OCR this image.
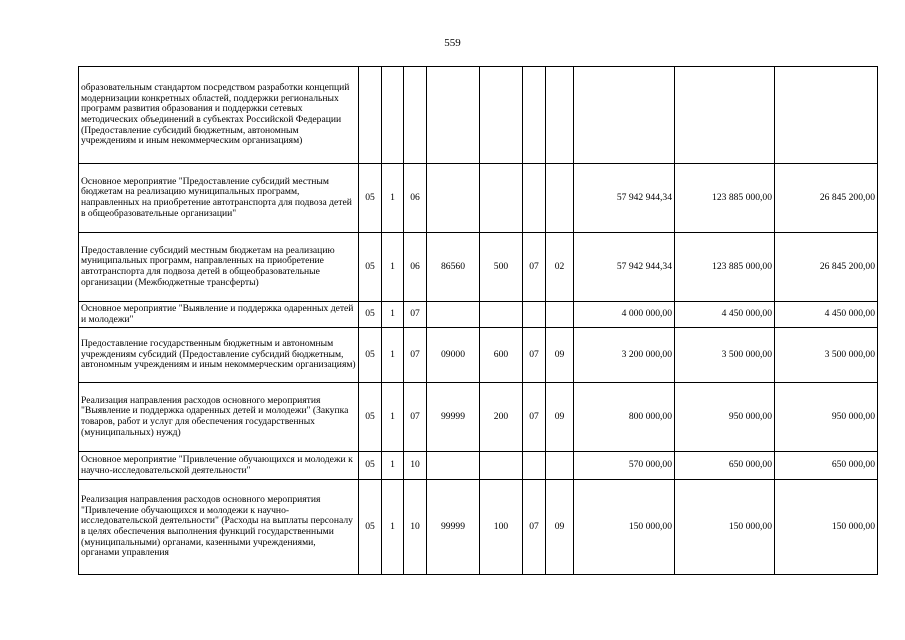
559
образовательным стандартом посредством разработки концепций модернизации конкретных областей, поддержки региональных программ развития образования и поддержки сетевых методических объединений в субъектах Российской Федерации (Предоставление субсидий бюджетным, автономным учреждениям и иным некоммерческим организациям)										
Основное мероприятие "Предоставление субсидий местным бюджетам на реализацию муниципальных программ, направленных на приобретение автотранспорта для подвоза детей в общеобразовательные организации"	05	1	06					57 942 944,34	123 885 000,00	26 845 200,00
Предоставление субсидий местным бюджетам на реализацию муниципальных программ, направленных на приобретение автотранспорта для подвоза детей в общеобразовательные организации (Межбюджетные трансферты)	05	1	06	86560	500	07	02	57 942 944,34	123 885 000,00	26 845 200,00
Основное мероприятие "Выявление и поддержка одаренных детей и молодежи"	05	1	07					4 000 000,00	4 450 000,00	4 450 000,00
Предоставление государственным бюджетным и автономным учреждениям субсидий (Предоставление субсидий бюджетным, автономным учреждениям и иным некоммерческим организациям)	05	1	07	09000	600	07	09	3 200 000,00	3 500 000,00	3 500 000,00
Реализация направления расходов основного мероприятия "Выявление и поддержка одаренных детей и молодежи" (Закупка товаров, работ и услуг для обеспечения государственных (муниципальных) нужд)	05	1	07	99999	200	07	09	800 000,00	950 000,00	950 000,00
Основное мероприятие "Привлечение обучающихся и молодежи к научно-исследовательской деятельности"	05	1	10					570 000,00	650 000,00	650 000,00
Реализация направления расходов основного мероприятия "Привлечение обучающихся и молодежи к научно-исследовательской деятельности" (Расходы на выплаты персоналу в целях обеспечения выполнения функций государственными (муниципальными) органами, казенными учреждениями, органами управления	05	1	10	99999	100	07	09	150 000,00	150 000,00	150 000,00
